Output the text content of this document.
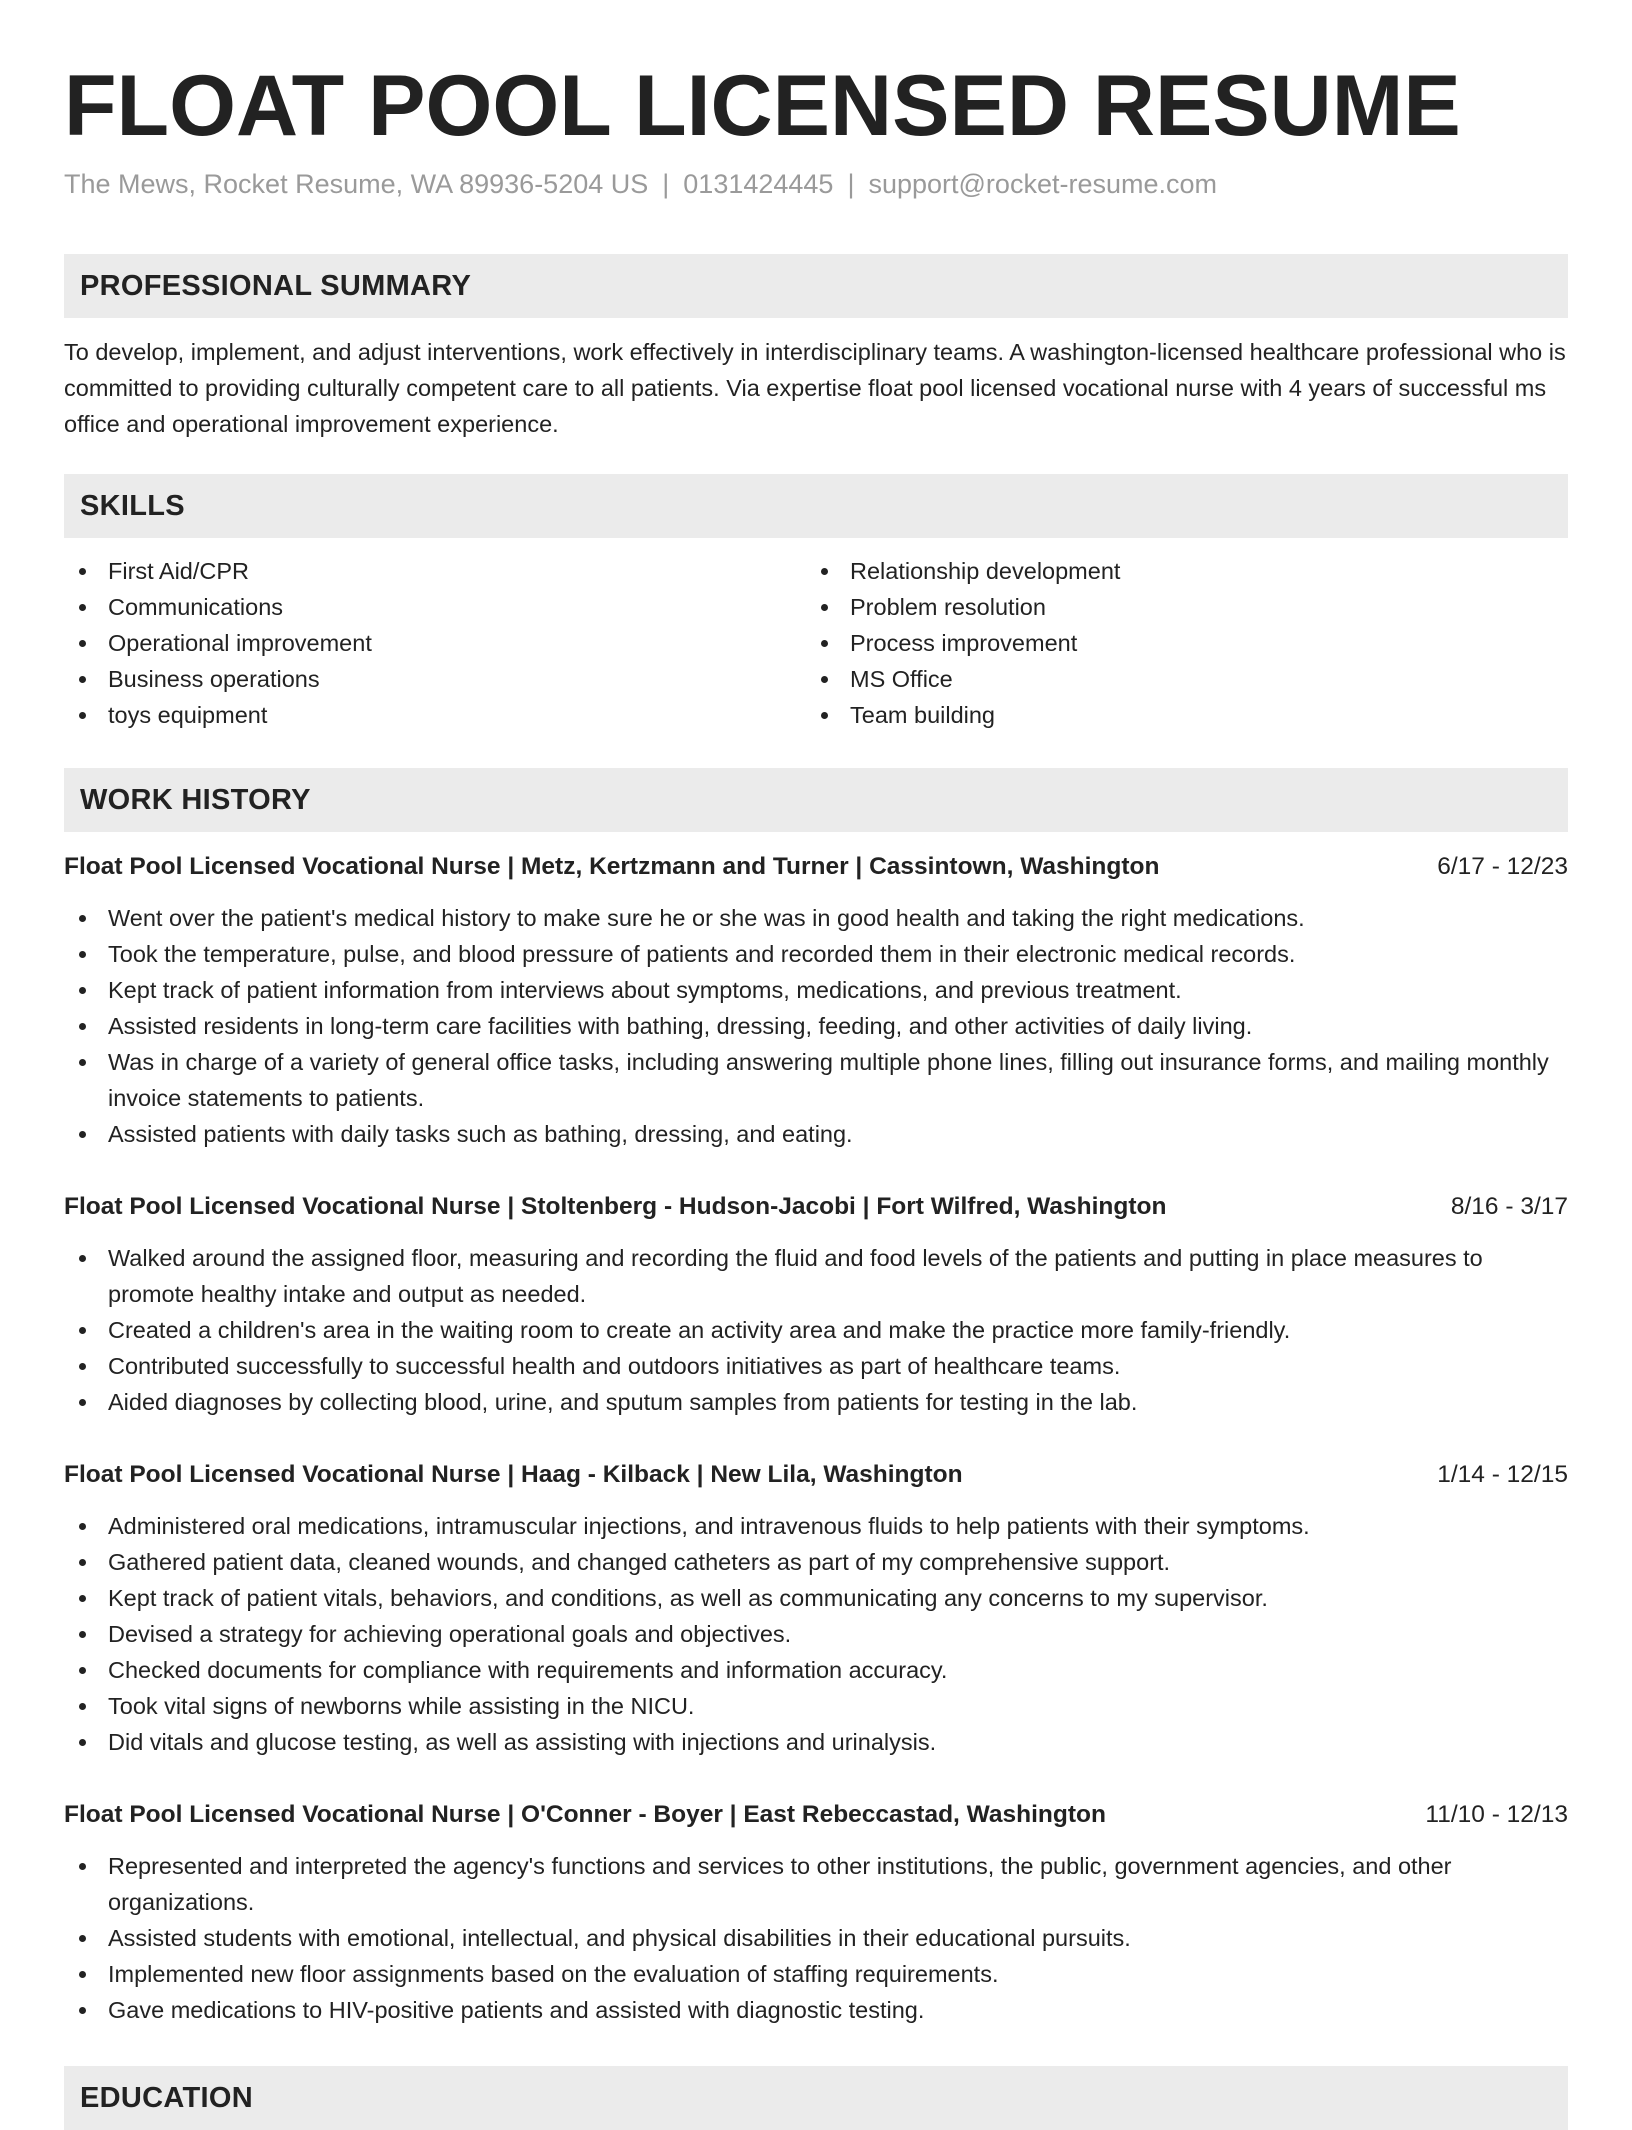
FLOAT POOL LICENSED RESUME
The Mews, Rocket Resume, WA 89936-5204 US | 0131424445 | support@rocket-resume.com
PROFESSIONAL SUMMARY

To develop, implement, and adjust interventions, work effectively in interdisciplinary teams. A washington-licensed healthcare professional who is committed to providing culturally competent care to all patients. Via expertise float pool licensed vocational nurse with 4 years of successful ms office and operational improvement experience.

SKILLS
First Aid/CPR
Communications
Operational improvement
Business operations
toys equipment
Relationship development
Problem resolution
Process improvement
MS Office
Team building
WORK HISTORY
Float Pool Licensed Vocational Nurse | Metz, Kertzmann and Turner | Cassintown, Washington	6/17 - 12/23
Went over the patient's medical history to make sure he or she was in good health and taking the right medications.
Took the temperature, pulse, and blood pressure of patients and recorded them in their electronic medical records.
Kept track of patient information from interviews about symptoms, medications, and previous treatment.
Assisted residents in long-term care facilities with bathing, dressing, feeding, and other activities of daily living.
Was in charge of a variety of general office tasks, including answering multiple phone lines, filling out insurance forms, and mailing monthly invoice statements to patients.
Assisted patients with daily tasks such as bathing, dressing, and eating.
Float Pool Licensed Vocational Nurse | Stoltenberg - Hudson-Jacobi | Fort Wilfred, Washington	8/16 - 3/17
Walked around the assigned floor, measuring and recording the fluid and food levels of the patients and putting in place measures to promote healthy intake and output as needed.
Created a children's area in the waiting room to create an activity area and make the practice more family-friendly.
Contributed successfully to successful health and outdoors initiatives as part of healthcare teams.
Aided diagnoses by collecting blood, urine, and sputum samples from patients for testing in the lab.
Float Pool Licensed Vocational Nurse | Haag - Kilback | New Lila, Washington	1/14 - 12/15
Administered oral medications, intramuscular injections, and intravenous fluids to help patients with their symptoms.
Gathered patient data, cleaned wounds, and changed catheters as part of my comprehensive support.
Kept track of patient vitals, behaviors, and conditions, as well as communicating any concerns to my supervisor.
Devised a strategy for achieving operational goals and objectives.
Checked documents for compliance with requirements and information accuracy.
Took vital signs of newborns while assisting in the NICU.
Did vitals and glucose testing, as well as assisting with injections and urinalysis.
Float Pool Licensed Vocational Nurse | O'Conner - Boyer | East Rebeccastad, Washington	11/10 - 12/13
Represented and interpreted the agency's functions and services to other institutions, the public, government agencies, and other organizations.
Assisted students with emotional, intellectual, and physical disabilities in their educational pursuits.
Implemented new floor assignments based on the evaluation of staffing requirements.
Gave medications to HIV-positive patients and assisted with diagnostic testing.
EDUCATION
